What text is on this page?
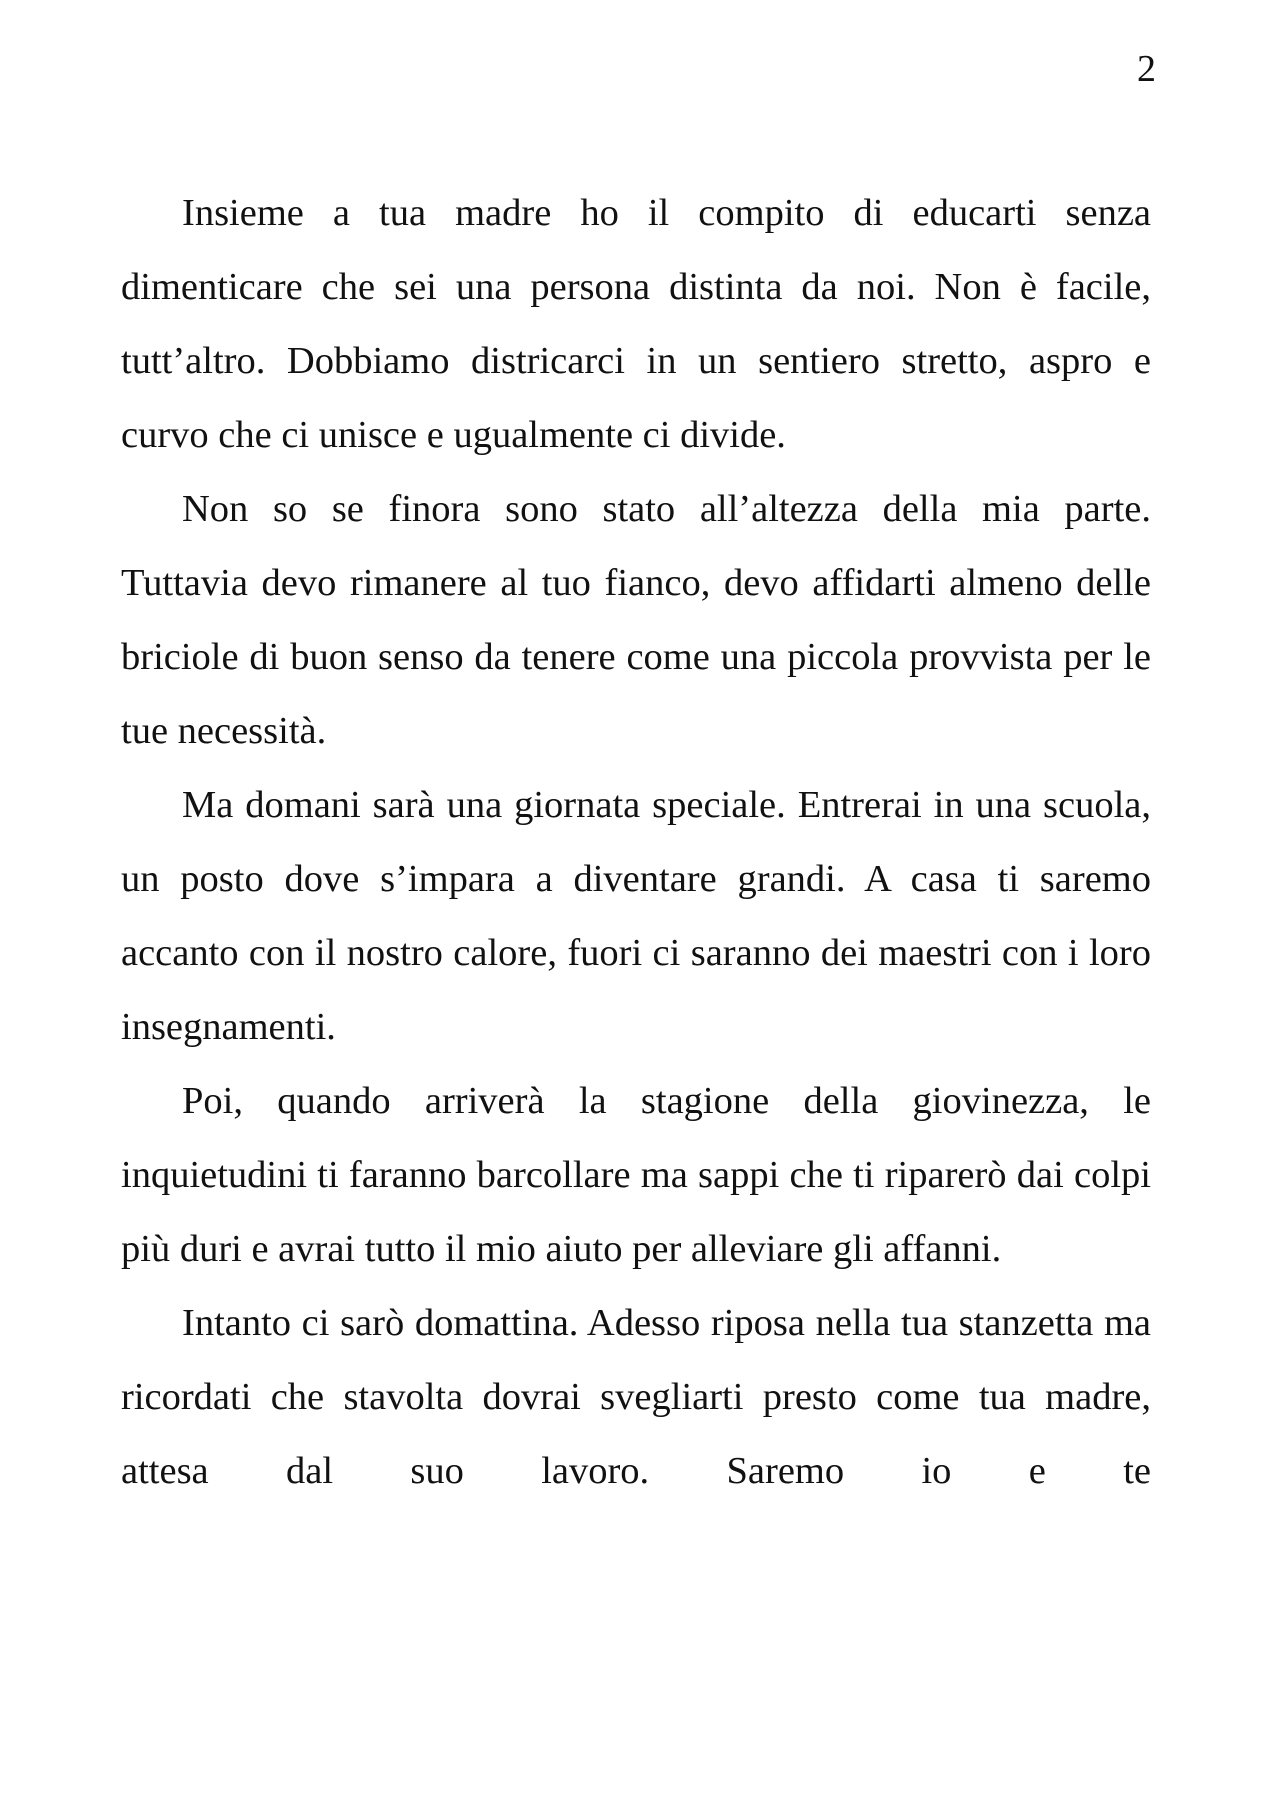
2

Insieme a tua madre ho il compito di educarti senza dimenticare che sei una persona distinta da noi. Non è facile, tutt’altro. Dobbiamo districarci in un sentiero stretto, aspro e curvo che ci unisce e ugualmente ci divide.

Non so se finora sono stato all’altezza della mia parte. Tuttavia devo rimanere al tuo fianco, devo affidarti almeno delle briciole di buon senso da tenere come una piccola provvista per le tue necessità.

Ma domani sarà una giornata speciale. Entrerai in una scuola, un posto dove s’impara a diventare grandi. A casa ti saremo accanto con il nostro calore, fuori ci saranno dei maestri con i loro insegnamenti.

Poi, quando arriverà la stagione della giovinezza, le inquietudini ti faranno barcollare ma sappi che ti riparerò dai colpi più duri e avrai tutto il mio aiuto per alleviare gli affanni.

Intanto ci sarò domattina. Adesso riposa nella tua stanzetta ma ricordati che stavolta dovrai svegliarti presto come tua madre, attesa dal suo lavoro. Saremo io e te
